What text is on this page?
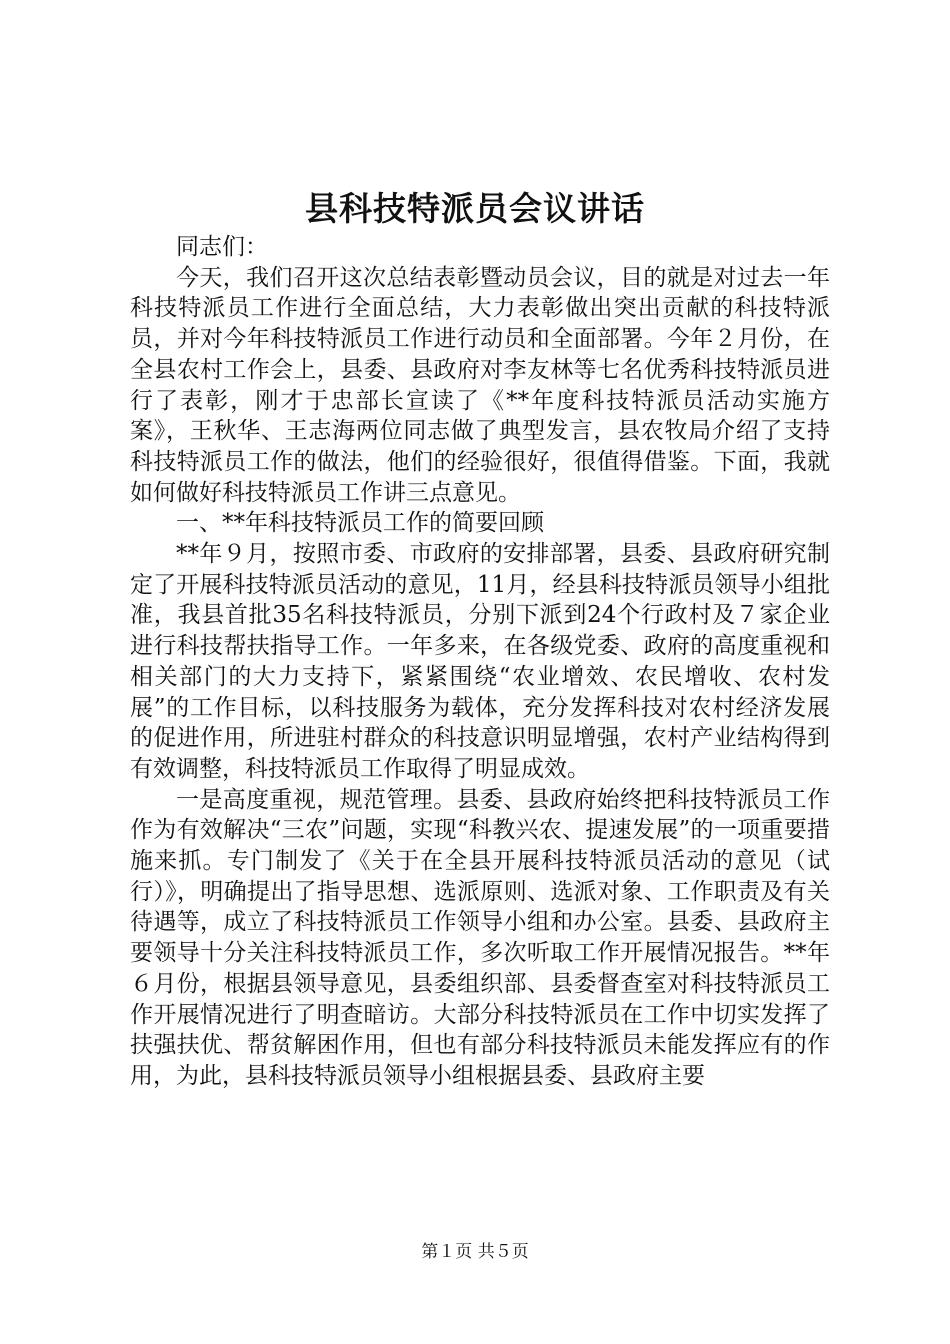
县科技特派员会议讲话

同志们：

今天，我们召开这次总结表彰暨动员会议，目的就是对过去一年科技特派员工作进行全面总结，大力表彰做出突出贡献的科技特派员，并对今年科技特派员工作进行动员和全面部署。今年２月份，在全县农村工作会上，县委、县政府对李友林等七名优秀科技特派员进行了表彰，刚才于忠部长宣读了《**年度科技特派员活动实施方案》，王秋华、王志海两位同志做了典型发言，县农牧局介绍了支持科技特派员工作的做法，他们的经验很好，很值得借鉴。下面，我就如何做好科技特派员工作讲三点意见。

一、**年科技特派员工作的简要回顾

**年９月，按照市委、市政府的安排部署，县委、县政府研究制定了开展科技特派员活动的意见，11月，经县科技特派员领导小组批准，我县首批35名科技特派员，分别下派到24个行政村及７家企业进行科技帮扶指导工作。一年多来，在各级党委、政府的高度重视和相关部门的大力支持下，紧紧围绕“农业增效、农民增收、农村发展”的工作目标，以科技服务为载体，充分发挥科技对农村经济发展的促进作用，所进驻村群众的科技意识明显增强，农村产业结构得到有效调整，科技特派员工作取得了明显成效。

一是高度重视，规范管理。县委、县政府始终把科技特派员工作作为有效解决“三农”问题，实现“科教兴农、提速发展”的一项重要措施来抓。专门制发了《关于在全县开展科技特派员活动的意见（试行）》，明确提出了指导思想、选派原则、选派对象、工作职责及有关待遇等，成立了科技特派员工作领导小组和办公室。县委、县政府主要领导十分关注科技特派员工作，多次听取工作开展情况报告。**年６月份，根据县领导意见，县委组织部、县委督查室对科技特派员工作开展情况进行了明查暗访。大部分科技特派员在工作中切实发挥了扶强扶优、帮贫解困作用，但也有部分科技特派员未能发挥应有的作用，为此，县科技特派员领导小组根据县委、县政府主要

第１页 共５页
